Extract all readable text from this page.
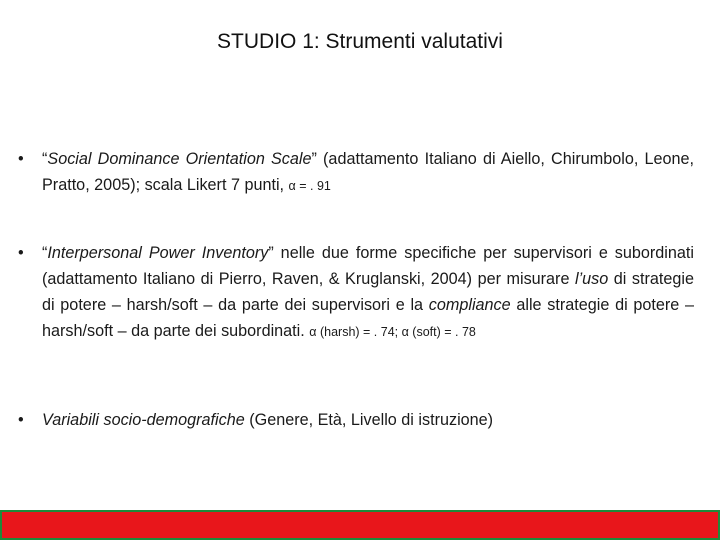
STUDIO 1: Strumenti valutativi
•	“Social Dominance Orientation Scale” (adattamento Italiano di Aiello, Chirumbolo, Leone, Pratto, 2005); scala Likert 7 punti, α = . 91
•	“Interpersonal Power Inventory” nelle due forme specifiche per supervisori e subordinati (adattamento Italiano di Pierro, Raven, & Kruglanski, 2004) per misurare l’uso di strategie di potere – harsh/soft – da parte dei supervisori e la compliance alle strategie di potere – harsh/soft – da parte dei subordinati. α (harsh) = . 74; α (soft) = . 78
•	Variabili socio-demografiche (Genere, Età, Livello di istruzione)
